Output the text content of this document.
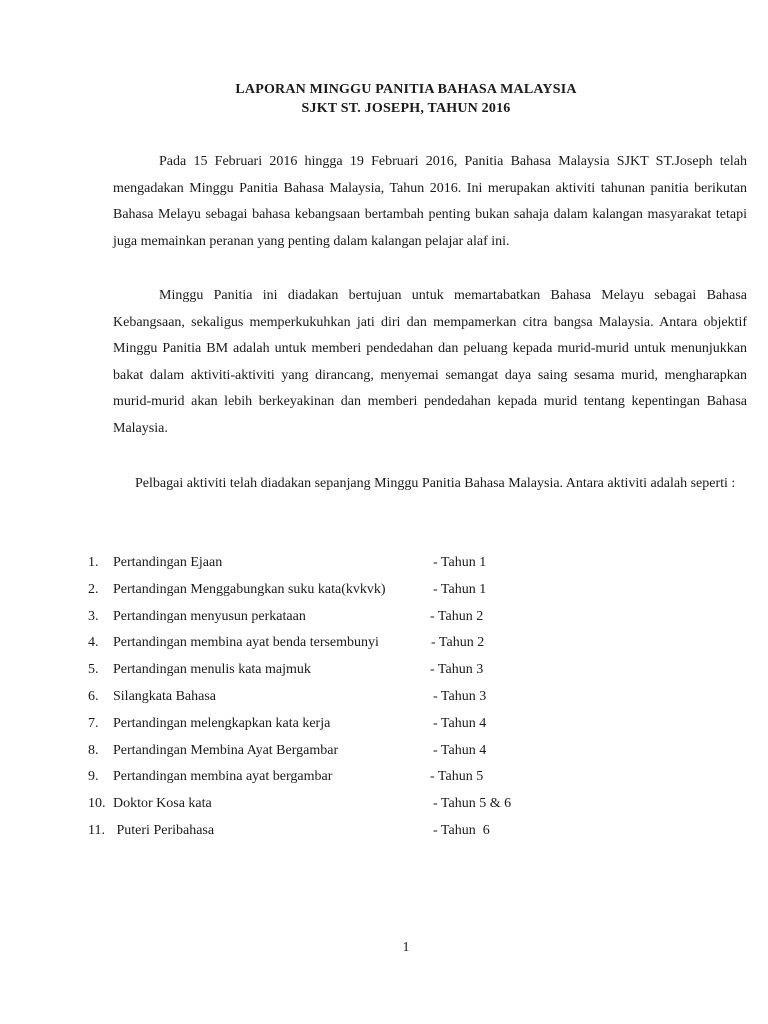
LAPORAN MINGGU PANITIA BAHASA MALAYSIA
SJKT ST. JOSEPH, TAHUN 2016

Pada 15 Februari 2016 hingga 19 Februari 2016, Panitia Bahasa Malaysia SJKT ST.Joseph telah mengadakan Minggu Panitia Bahasa Malaysia, Tahun 2016. Ini merupakan aktiviti tahunan panitia berikutan Bahasa Melayu sebagai bahasa kebangsaan bertambah penting bukan sahaja dalam kalangan masyarakat tetapi juga memainkan peranan yang penting dalam kalangan pelajar alaf ini.

Minggu Panitia ini diadakan bertujuan untuk memartabatkan Bahasa Melayu sebagai Bahasa Kebangsaan, sekaligus memperkukuhkan jati diri dan mempamerkan citra bangsa Malaysia. Antara objektif Minggu Panitia BM adalah untuk memberi pendedahan dan peluang kepada murid-murid untuk menunjukkan bakat dalam aktiviti-aktiviti yang dirancang, menyemai semangat daya saing sesama murid, mengharapkan murid-murid akan lebih berkeyakinan dan memberi pendedahan kepada murid tentang kepentingan Bahasa Malaysia.

Pelbagai aktiviti telah diadakan sepanjang Minggu Panitia Bahasa Malaysia. Antara aktiviti adalah seperti :

1.	Pertandingan Ejaan	- Tahun 1
2.	Pertandingan Menggabungkan suku kata(kvkvk)	- Tahun 1
3.	Pertandingan menyusun perkataan	- Tahun 2
4.	Pertandingan membina ayat benda tersembunyi	- Tahun 2
5.	Pertandingan menulis kata majmuk	- Tahun 3
6.	Silangkata Bahasa	- Tahun 3
7.	Pertandingan melengkapkan kata kerja	- Tahun 4
8.	Pertandingan Membina Ayat Bergambar	- Tahun 4
9.	Pertandingan membina ayat bergambar	- Tahun 5
10. Doktor Kosa kata	- Tahun 5 & 6
11. Puteri Peribahasa	- Tahun  6
1
